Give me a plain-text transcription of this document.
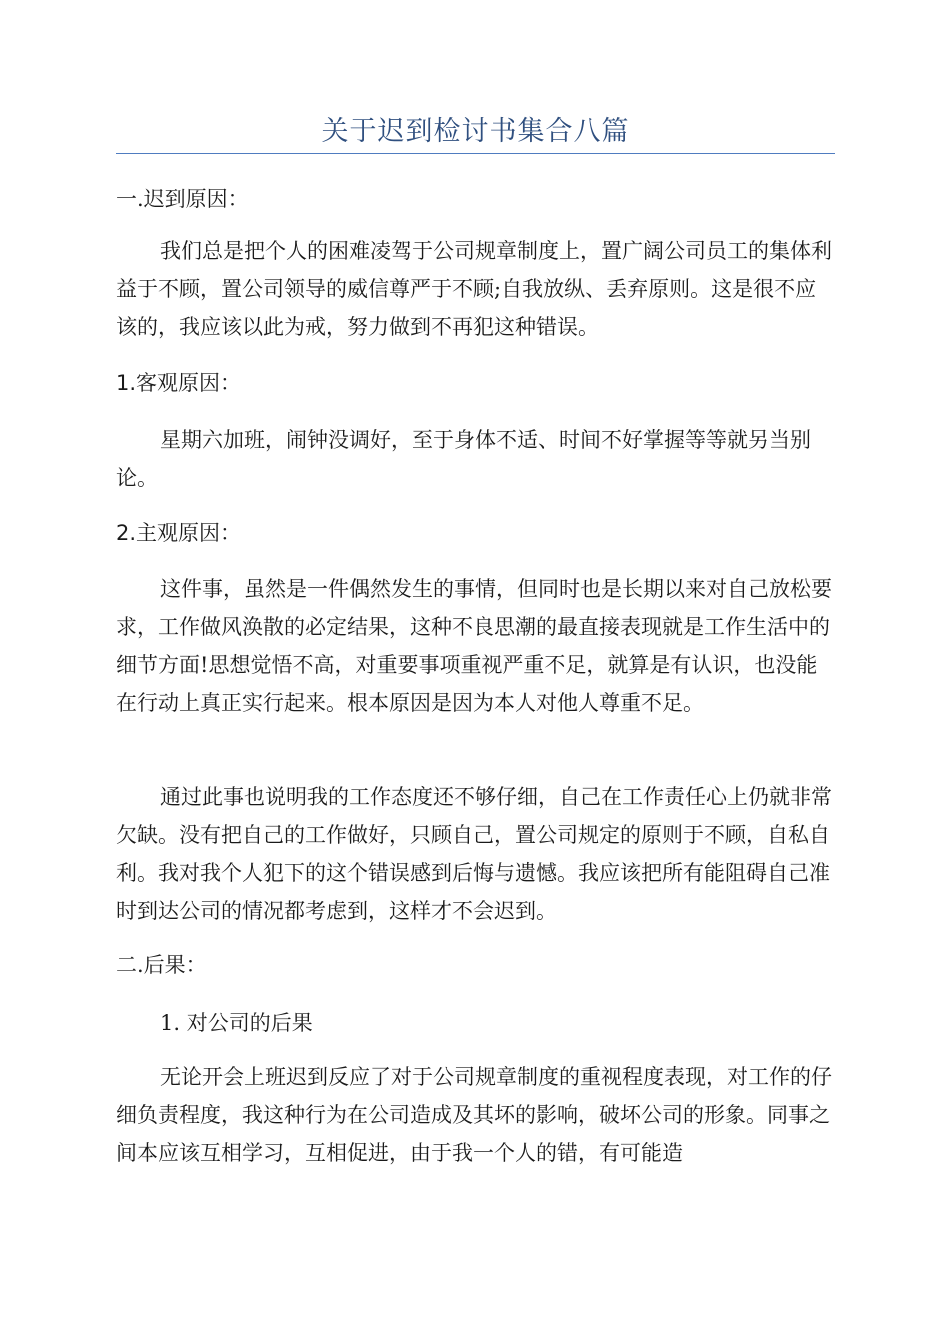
关于迟到检讨书集合八篇

一.迟到原因：

我们总是把个人的困难凌驾于公司规章制度上，置广阔公司员工的集体利益于不顾，置公司领导的威信尊严于不顾;自我放纵、丢弃原则。这是很不应该的，我应该以此为戒，努力做到不再犯这种错误。

1.客观原因：

星期六加班，闹钟没调好，至于身体不适、时间不好掌握等等就另当别论。

2.主观原因：

这件事，虽然是一件偶然发生的事情，但同时也是长期以来对自己放松要求，工作做风涣散的必定结果，这种不良思潮的最直接表现就是工作生活中的细节方面!思想觉悟不高，对重要事项重视严重不足，就算是有认识，也没能在行动上真正实行起来。根本原因是因为本人对他人尊重不足。

通过此事也说明我的工作态度还不够仔细，自己在工作责任心上仍就非常欠缺。没有把自己的工作做好，只顾自己，置公司规定的原则于不顾，自私自利。我对我个人犯下的这个错误感到后悔与遗憾。我应该把所有能阻碍自己准时到达公司的情况都考虑到，这样才不会迟到。

二.后果：

1. 对公司的后果

无论开会上班迟到反应了对于公司规章制度的重视程度表现，对工作的仔细负责程度，我这种行为在公司造成及其坏的影响，破坏公司的形象。同事之间本应该互相学习，互相促进，由于我一个人的错，有可能造
